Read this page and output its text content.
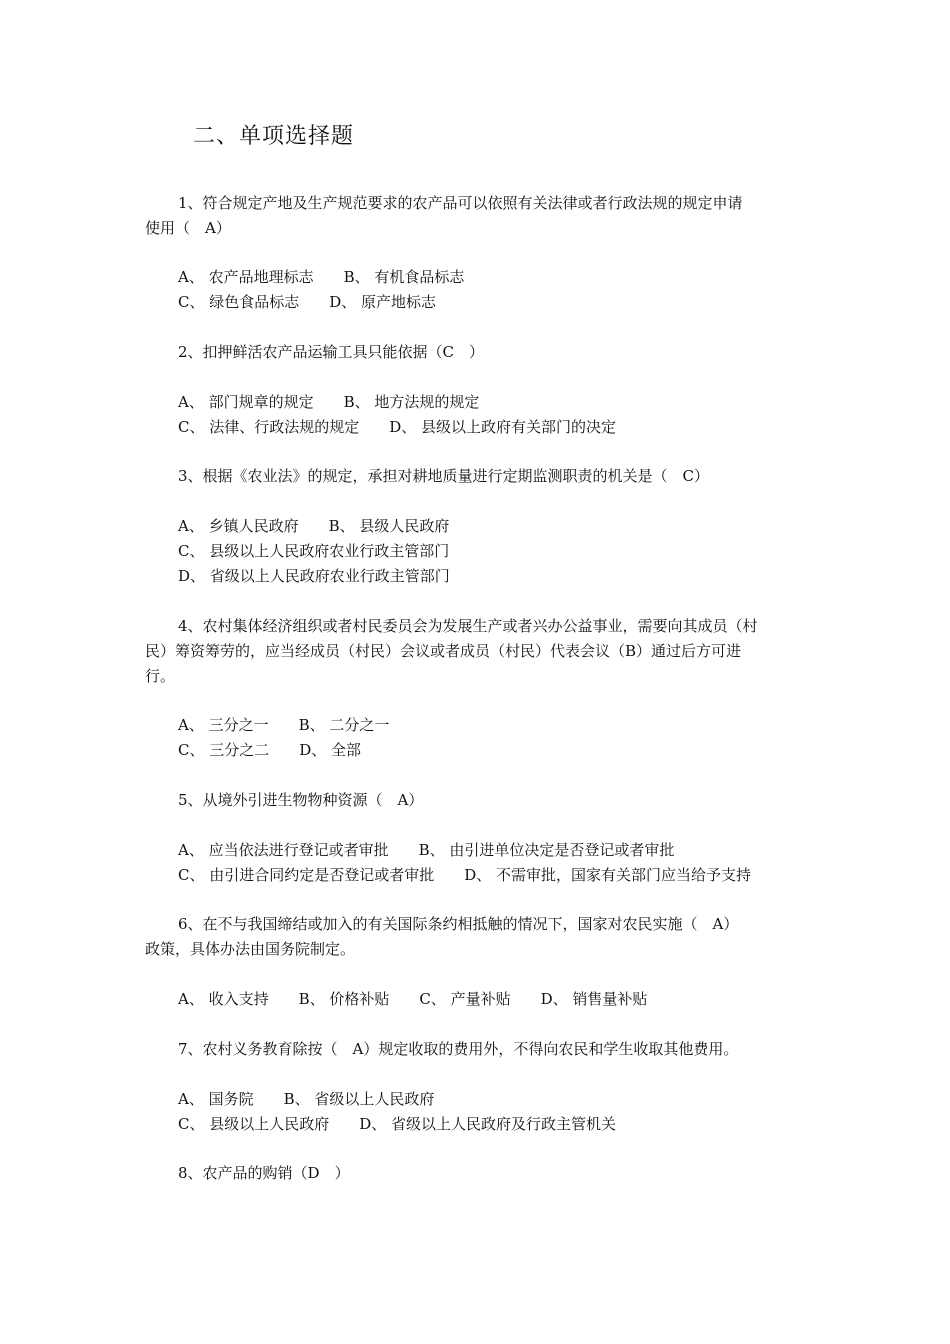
二、单项选择题
1、符合规定产地及生产规范要求的农产品可以依照有关法律或者行政法规的规定申请
使用（　A）
A、 农产品地理标志　　B、 有机食品标志
C、 绿色食品标志　　D、 原产地标志
2、扣押鲜活农产品运输工具只能依据（C　）
A、 部门规章的规定　　B、 地方法规的规定
C、 法律、行政法规的规定　　D、 县级以上政府有关部门的决定
3、根据《农业法》的规定，承担对耕地质量进行定期监测职责的机关是（　C）
A、 乡镇人民政府　　B、 县级人民政府
C、 县级以上人民政府农业行政主管部门
D、 省级以上人民政府农业行政主管部门
4、农村集体经济组织或者村民委员会为发展生产或者兴办公益事业，需要向其成员（村
民）筹资筹劳的，应当经成员（村民）会议或者成员（村民）代表会议（B）通过后方可进
行。
A、 三分之一　　B、 二分之一
C、 三分之二　　D、 全部
5、从境外引进生物物种资源（　A）
A、 应当依法进行登记或者审批　　B、 由引进单位决定是否登记或者审批
C、 由引进合同约定是否登记或者审批　　D、 不需审批，国家有关部门应当给予支持
6、在不与我国缔结或加入的有关国际条约相抵触的情况下，国家对农民实施（　A）
政策，具体办法由国务院制定。
A、 收入支持　　B、 价格补贴　　C、 产量补贴　　D、 销售量补贴
7、农村义务教育除按（　A）规定收取的费用外，不得向农民和学生收取其他费用。
A、 国务院　　B、 省级以上人民政府
C、 县级以上人民政府　　D、 省级以上人民政府及行政主管机关
8、农产品的购销（D　）
